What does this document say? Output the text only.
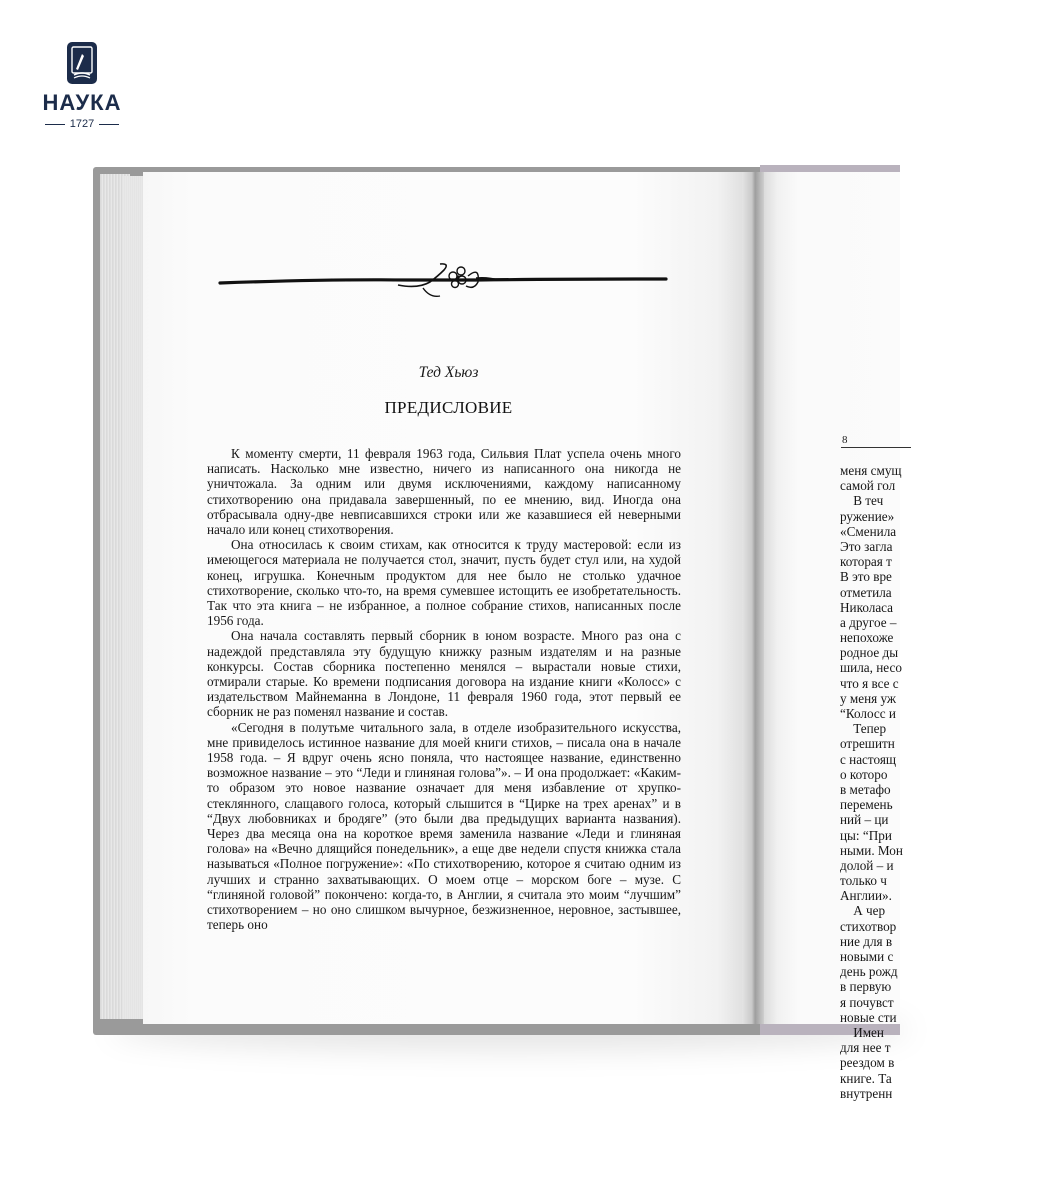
НАУКА
1727
Тед Хьюз
ПРЕДИСЛОВИЕ

К моменту смерти, 11 февраля 1963 года, Сильвия Плат успела очень много написать. Насколько мне известно, ничего из написанного она никогда не уничтожала. За одним или двумя исключениями, каждому написанному стихотворению она придавала завершенный, по ее мнению, вид. Иногда она отбрасывала одну-две невписавшихся строки или же казавшиеся ей неверными начало или конец стихотворения.

Она относилась к своим стихам, как относится к труду мастеровой: если из имеющегося материала не получается стол, значит, пусть будет стул или, на худой конец, игрушка. Конечным продуктом для нее было не столько удачное стихотворение, сколько что-то, на время сумевшее истощить ее изобретательность. Так что эта книга – не избранное, а полное собрание стихов, написанных после 1956 года.

Она начала составлять первый сборник в юном возрасте. Много раз она с надеждой представляла эту будущую книжку разным издателям и на разные конкурсы. Состав сборника постепенно менялся – вырастали новые стихи, отмирали старые. Ко времени подписания договора на издание книги «Колосс» с издательством Майнеманна в Лондоне, 11 февраля 1960 года, этот первый ее сборник не раз поменял название и состав.

«Сегодня в полутьме читального зала, в отделе изобразительного искусства, мне привиделось истинное название для моей книги стихов, – писала она в начале 1958 года. – Я вдруг очень ясно поняла, что настоящее название, единственно возможное название – это “Леди и глиняная голова”». – И она продолжает: «Каким-то образом это новое название означает для меня избавление от хрупко-стеклянного, слащавого голоса, который слышится в “Цирке на трех аренах” и в “Двух любовниках и бродяге” (это были два предыдущих варианта названия). Через два месяца она на короткое время заменила название «Леди и глиняная голова» на «Вечно длящийся понедельник», а еще две недели спустя книжка стала называться «Полное погружение»: «По стихотворению, которое я считаю одним из лучших и странно захватывающих. О моем отце – морском боге – музе. С “глиняной головой” покончено: когда-то, в Англии, я считала это моим “лучшим” стихотворением – но оно слишком вычурное, безжизненное, неровное, застывшее, теперь оно

8
меня смущ
самой гол
В теч
ружение»
«Сменила
Это загла
которая т
В это вре
отметила
Николаса
а другое –
непохоже
родное ды
шила, несо
что я все с
у меня уж
“Колосс и
Тепер
отрешитн
с настоящ
о которо
в метафо
перемень
ний – ци
цы: “При
ными. Мон
долой – и
только ч
Англии».
А чер
стихотвор
ние для в
новыми с
день рожд
в первую
я почувст
новые сти
Имен
для нее т
реездом в
книге. Та
внутренн
